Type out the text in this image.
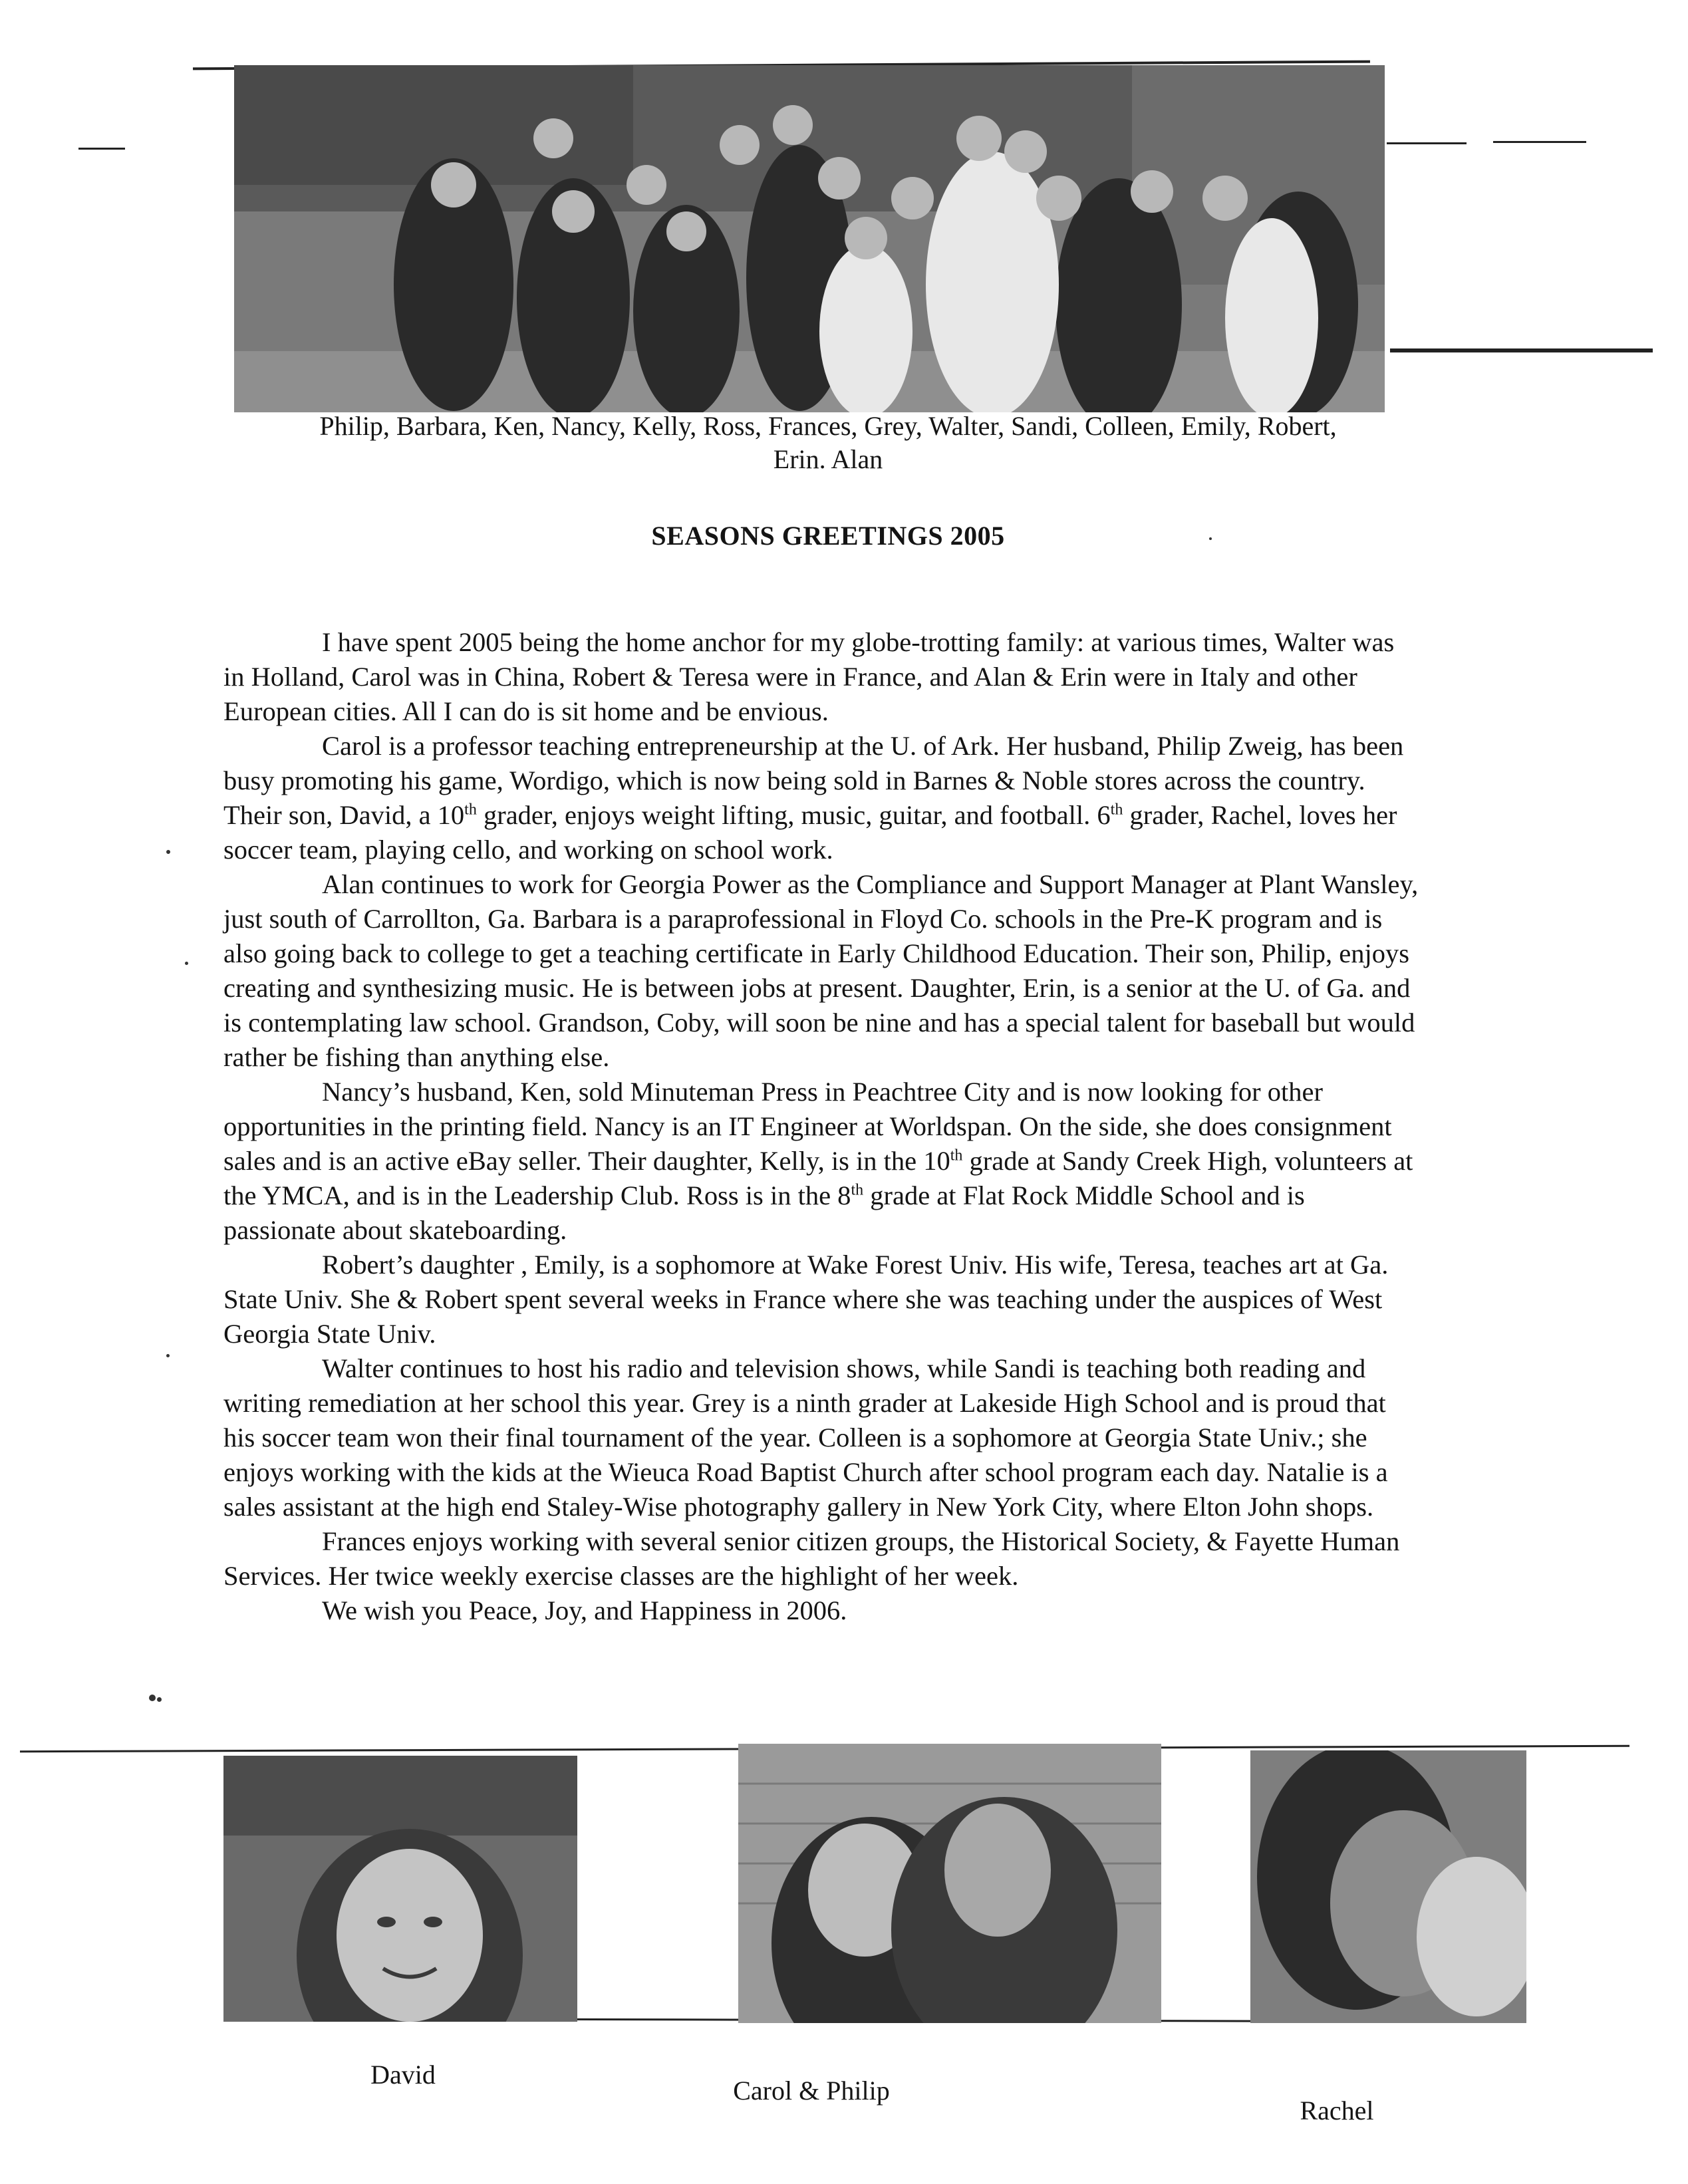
Philip, Barbara, Ken, Nancy, Kelly, Ross, Frances, Grey, Walter, Sandi, Colleen, Emily, Robert,
Erin. Alan
SEASONS GREETINGS 2005

I have spent 2005 being the home anchor for my globe-trotting family: at various times, Walter was in Holland, Carol was in China, Robert & Teresa were in France, and Alan & Erin were in Italy and other European cities. All I can do is sit home and be envious.

Carol is a professor teaching entrepreneurship at the U. of Ark. Her husband, Philip Zweig, has been busy promoting his game, Wordigo, which is now being sold in Barnes & Noble stores across the country. Their son, David, a 10th grader, enjoys weight lifting, music, guitar, and football. 6th grader, Rachel, loves her soccer team, playing cello, and working on school work.

Alan continues to work for Georgia Power as the Compliance and Support Manager at Plant Wansley, just south of Carrollton, Ga. Barbara is a paraprofessional in Floyd Co. schools in the Pre-K program and is also going back to college to get a teaching certificate in Early Childhood Education. Their son, Philip, enjoys creating and synthesizing music. He is between jobs at present. Daughter, Erin, is a senior at the U. of Ga. and is contemplating law school. Grandson, Coby, will soon be nine and has a special talent for baseball but would rather be fishing than anything else.

Nancy’s husband, Ken, sold Minuteman Press in Peachtree City and is now looking for other opportunities in the printing field. Nancy is an IT Engineer at Worldspan. On the side, she does consignment sales and is an active eBay seller. Their daughter, Kelly, is in the 10th grade at Sandy Creek High, volunteers at the YMCA, and is in the Leadership Club. Ross is in the 8th grade at Flat Rock Middle School and is passionate about skateboarding.

Robert’s daughter , Emily, is a sophomore at Wake Forest Univ. His wife, Teresa, teaches art at Ga. State Univ. She & Robert spent several weeks in France where she was teaching under the auspices of West Georgia State Univ.

Walter continues to host his radio and television shows, while Sandi is teaching both reading and writing remediation at her school this year. Grey is a ninth grader at Lakeside High School and is proud that his soccer team won their final tournament of the year. Colleen is a sophomore at Georgia State Univ.; she enjoys working with the kids at the Wieuca Road Baptist Church after school program each day. Natalie is a sales assistant at the high end Staley-Wise photography gallery in New York City, where Elton John shops.

Frances enjoys working with several senior citizen groups, the Historical Society, & Fayette Human Services. Her twice weekly exercise classes are the highlight of her week.

We wish you Peace, Joy, and Happiness in 2006.

David
Carol & Philip
Rachel
